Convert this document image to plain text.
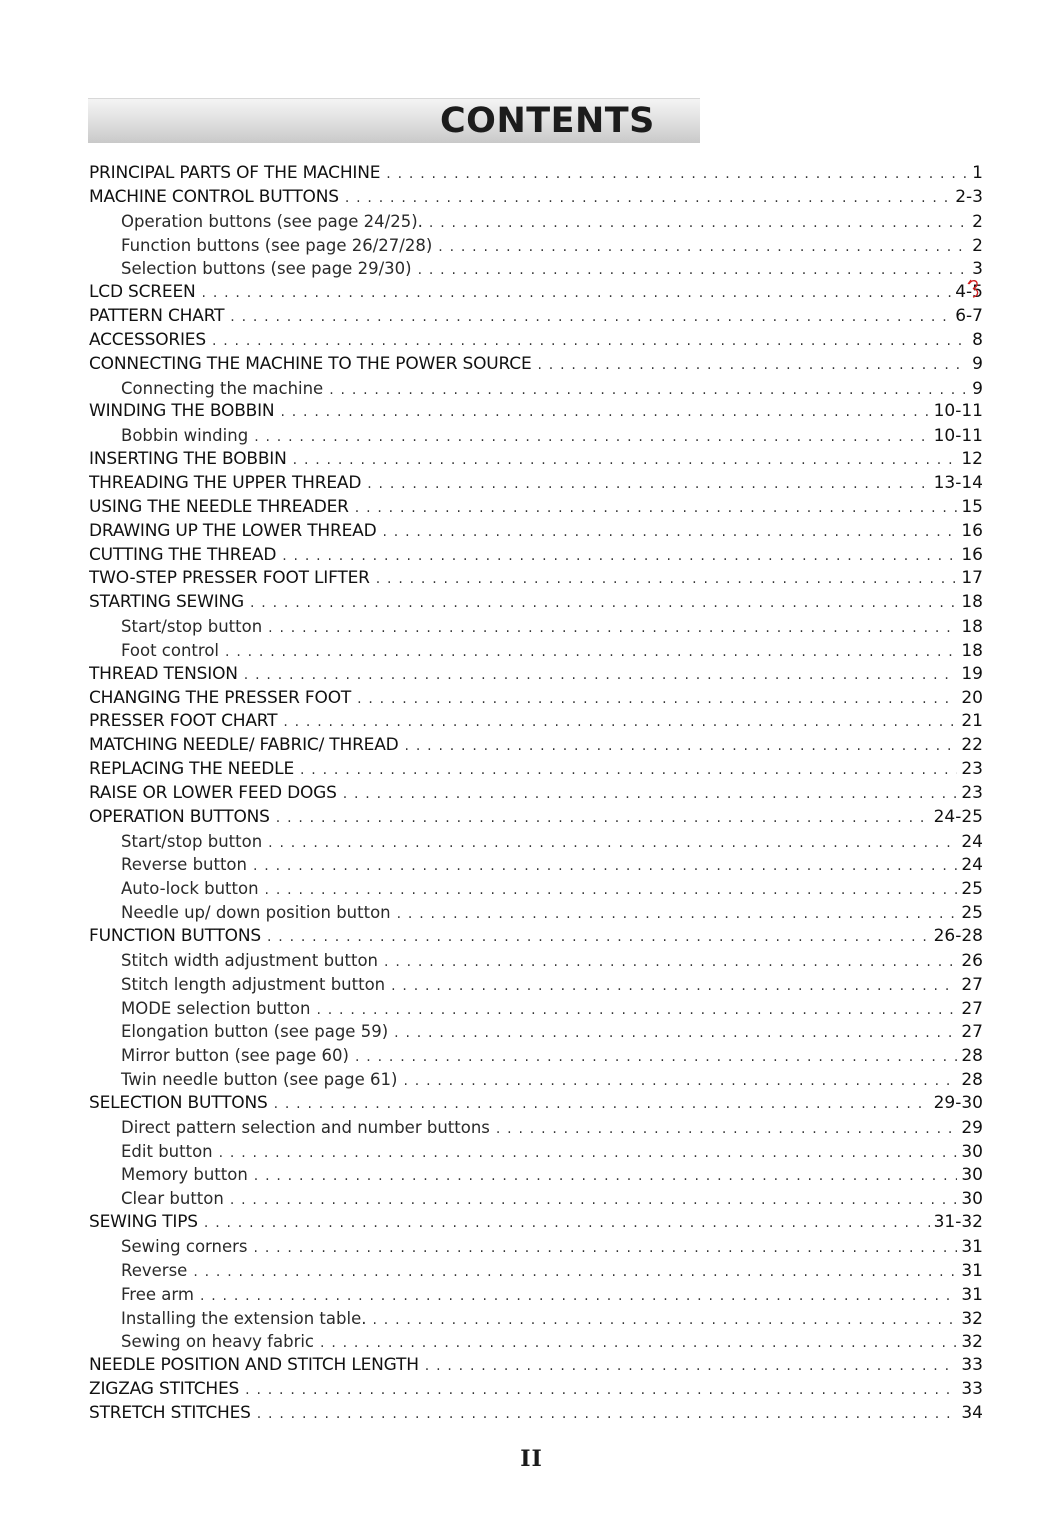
CONTENTS
PRINCIPAL PARTS OF THE MACHINE . . .	1
MACHINE CONTROL BUTTONS . . .	2-3
Operation buttons (see page 24/25). . . .	2
Function buttons (see page 26/27/28) . . .	2
Selection buttons (see page 29/30) . . .	3
LCD SCREEN . . .	4-5
PATTERN CHART . . .	6-7
ACCESSORIES . . .	8
CONNECTING THE MACHINE TO THE POWER SOURCE . . .	9
Connecting the machine . . .	9
WINDING THE BOBBIN . . .	10-11
Bobbin winding . . .	10-11
INSERTING THE BOBBIN . . .	12
THREADING THE UPPER THREAD . . .	13-14
USING THE NEEDLE THREADER . . .	15
DRAWING UP THE LOWER THREAD . . .	16
CUTTING THE THREAD . . .	16
TWO-STEP PRESSER FOOT LIFTER . . .	17
STARTING SEWING . . .	18
Start/stop button . . .	18
Foot control . . .	18
THREAD TENSION . . .	19
CHANGING THE PRESSER FOOT . . .	20
PRESSER FOOT CHART . . .	21
MATCHING NEEDLE/ FABRIC/ THREAD . . .	22
REPLACING THE NEEDLE . . .	23
RAISE OR LOWER FEED DOGS . . .	23
OPERATION BUTTONS . . .	24-25
Start/stop button . . .	24
Reverse button . . .	24
Auto-lock button . . .	25
Needle up/ down position button . . .	25
FUNCTION BUTTONS . . .	26-28
Stitch width adjustment button . . .	26
Stitch length adjustment button . . .	27
MODE selection button . . .	27
Elongation button (see page 59) . . .	27
Mirror button (see page 60) . . .	28
Twin needle button (see page 61) . . .	28
SELECTION BUTTONS . . .	29-30
Direct pattern selection and number buttons . . .	29
Edit button . . .	30
Memory button . . .	30
Clear button . . .	30
SEWING TIPS . . .	31-32
Sewing corners . . .	31
Reverse . . .	31
Free arm . . .	31
Installing the extension table. . . .	32
Sewing on heavy fabric . . .	32
NEEDLE POSITION AND STITCH LENGTH . . .	33
ZIGZAG STITCHES . . .	33
STRETCH STITCHES . . .	34
II
